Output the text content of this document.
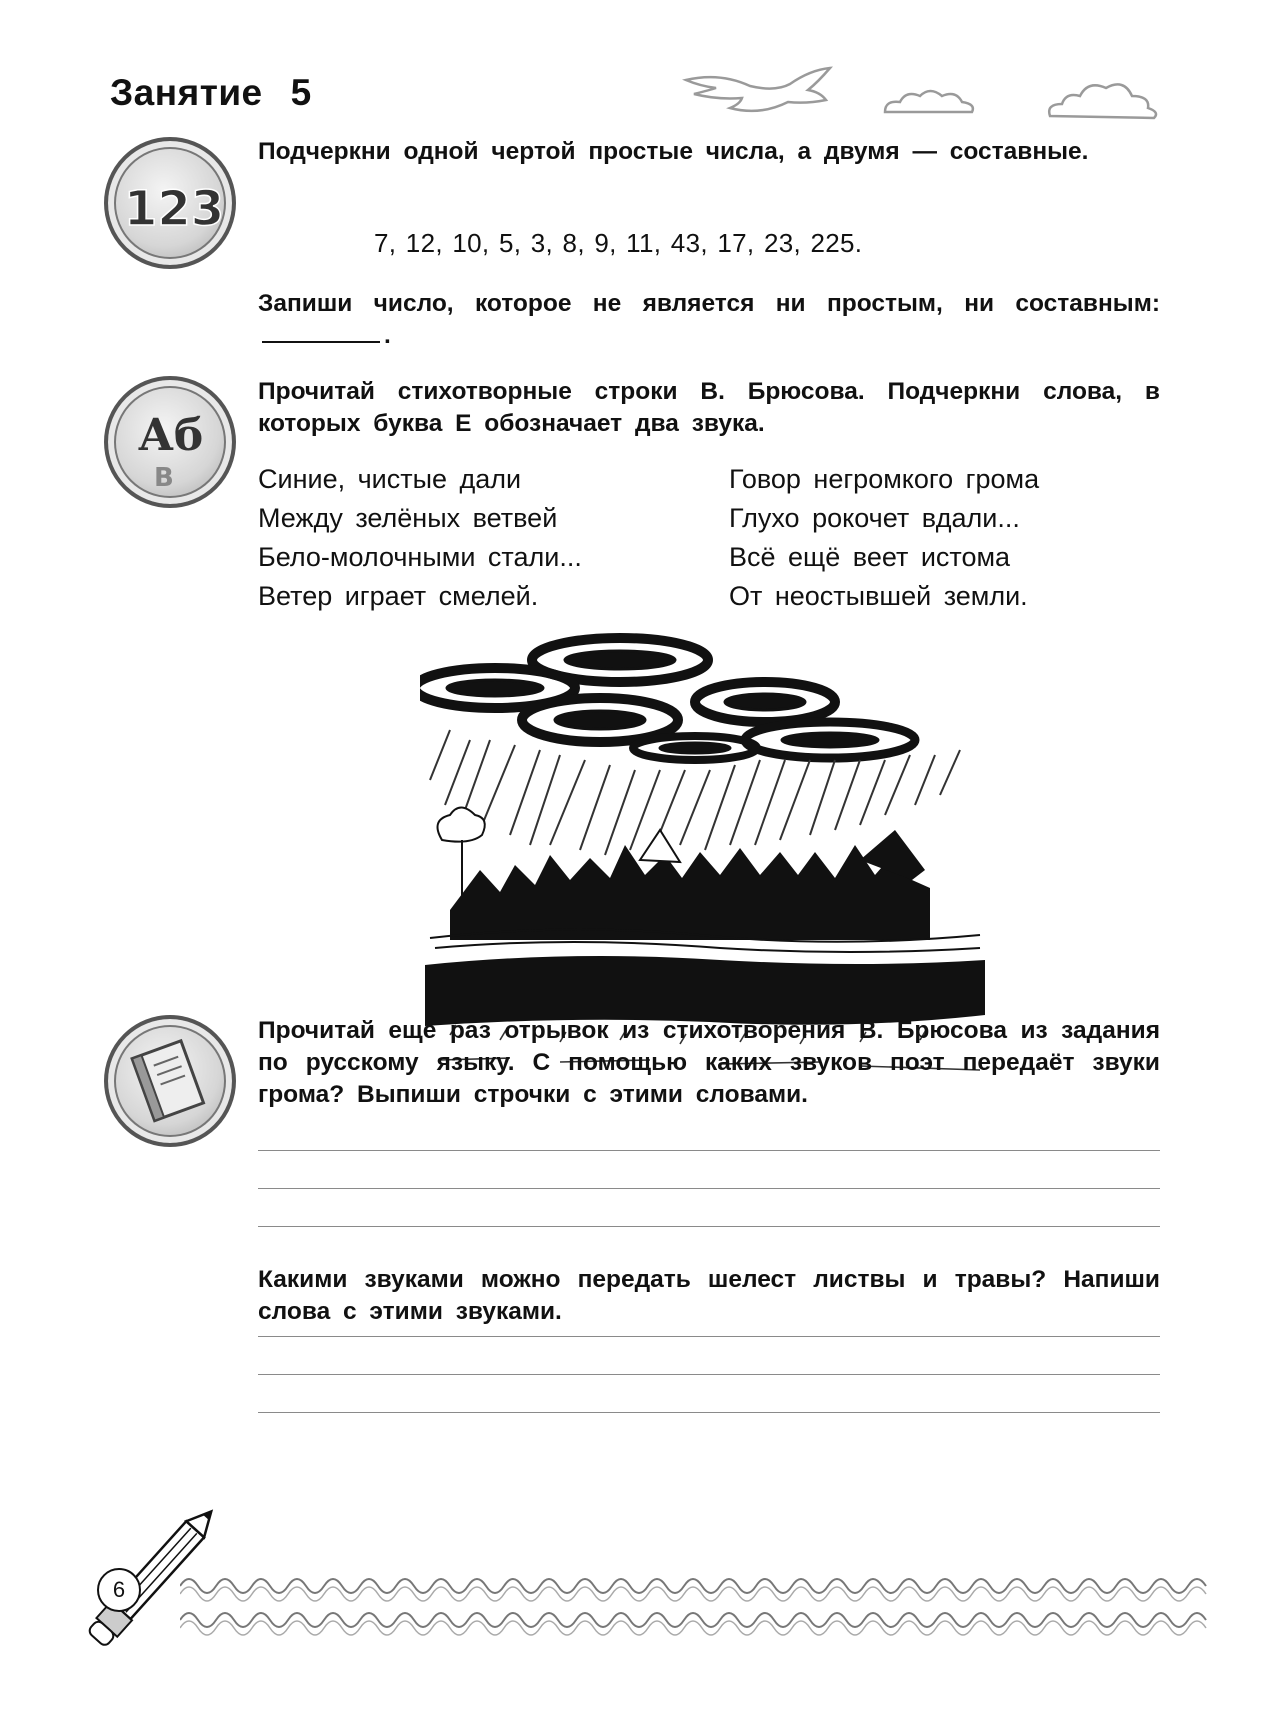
Занятие 5
123
Подчеркни одной чертой простые числа, а двумя — составные.
7, 12, 10, 5, 3, 8, 9, 11, 43, 17, 23, 225.
Запиши число, которое не является ни простым, ни составным:.
Аб
В
Прочитай стихотворные строки В. Брюсова. Подчеркни слова, в которых буква Е обозначает два звука.
Синие, чистые дали
Между зелёных ветвей
Бело-молочными стали...
Ветер играет смелей.
Говор негромкого грома
Глухо рокочет вдали...
Всё ещё веет истома
От неостывшей земли.
Прочитай ещё раз отрывок из стихотворения В. Брюсова из задания по русскому языку. С помощью каких звуков поэт передаёт звуки грома? Выпиши строчки с этими словами.
Какими звуками можно передать шелест листвы и травы? Напиши слова с этими звуками.
6
